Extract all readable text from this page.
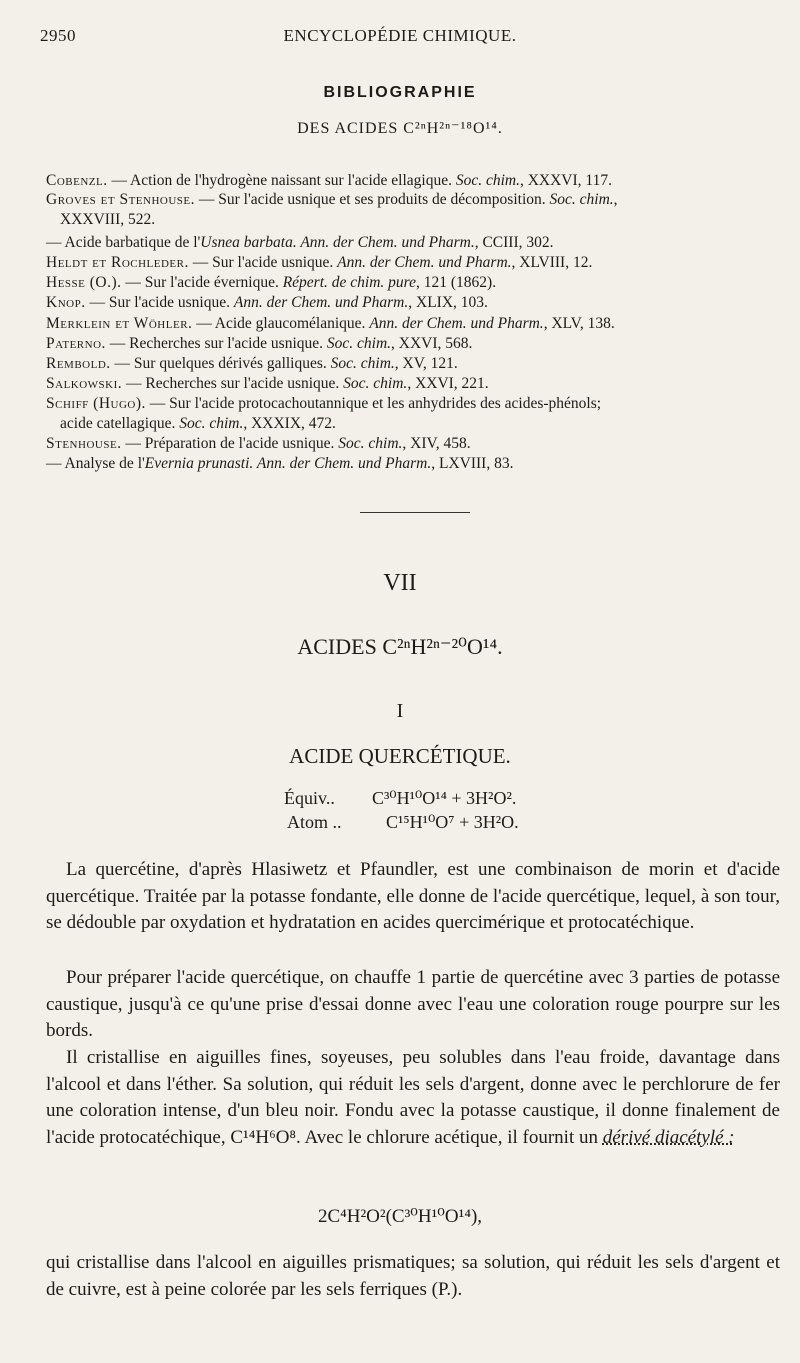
2950	ENCYCLOPÉDIE CHIMIQUE.
BIBLIOGRAPHIE
DES ACIDES C²ⁿH²ⁿ⁻¹⁸O¹⁴.
Cobenzl. — Action de l'hydrogène naissant sur l'acide ellagique. Soc. chim., XXXVI, 117.
Groves et Stenhouse. — Sur l'acide usnique et ses produits de décomposition. Soc. chim.,
XXXVIII, 522.
— Acide barbatique de l'Usnea barbata. Ann. der Chem. und Pharm., CCIII, 302.
Heldt et Rochleder. — Sur l'acide usnique. Ann. der Chem. und Pharm., XLVIII, 12.
Hesse (O.). — Sur l'acide évernique. Répert. de chim. pure, 121 (1862).
Knop. — Sur l'acide usnique. Ann. der Chem. und Pharm., XLIX, 103.
Merklein et Wöhler. — Acide glaucomélanique. Ann. der Chem. und Pharm., XLV, 138.
Paterno. — Recherches sur l'acide usnique. Soc. chim., XXVI, 568.
Rembold. — Sur quelques dérivés galliques. Soc. chim., XV, 121.
Salkowski. — Recherches sur l'acide usnique. Soc. chim., XXVI, 221.
Schiff (Hugo). — Sur l'acide protocachoutannique et les anhydrides des acides-phénols;
acide catellagique. Soc. chim., XXXIX, 472.
Stenhouse. — Préparation de l'acide usnique. Soc. chim., XIV, 458.
— Analyse de l'Evernia prunasti. Ann. der Chem. und Pharm., LXVIII, 83.
VII
ACIDES C²ⁿH²ⁿ⁻²⁰O¹⁴.
I
ACIDE QUERCÉTIQUE.
Équiv.. C³⁰H¹⁰O¹⁴ + 3H²O².
Atom .. C¹⁵H¹⁰O⁷ + 3H²O.

La quercétine, d'après Hlasiwetz et Pfaundler, est une combinaison de morin et d'acide quercétique. Traitée par la potasse fondante, elle donne de l'acide quercétique, lequel, à son tour, se dédouble par oxydation et hydratation en acides quercimérique et protocatéchique.

Pour préparer l'acide quercétique, on chauffe 1 partie de quercétine avec 3 parties de potasse caustique, jusqu'à ce qu'une prise d'essai donne avec l'eau une coloration rouge pourpre sur les bords.

Il cristallise en aiguilles fines, soyeuses, peu solubles dans l'eau froide, davantage dans l'alcool et dans l'éther. Sa solution, qui réduit les sels d'argent, donne avec le perchlorure de fer une coloration intense, d'un bleu noir. Fondu avec la potasse caustique, il donne finalement de l'acide protocatéchique, C¹⁴H⁶O⁸. Avec le chlorure acétique, il fournit un dérivé diacétylé :

2C⁴H²O²(C³⁰H¹⁰O¹⁴),

qui cristallise dans l'alcool en aiguilles prismatiques; sa solution, qui réduit les sels d'argent et de cuivre, est à peine colorée par les sels ferriques (P.).
